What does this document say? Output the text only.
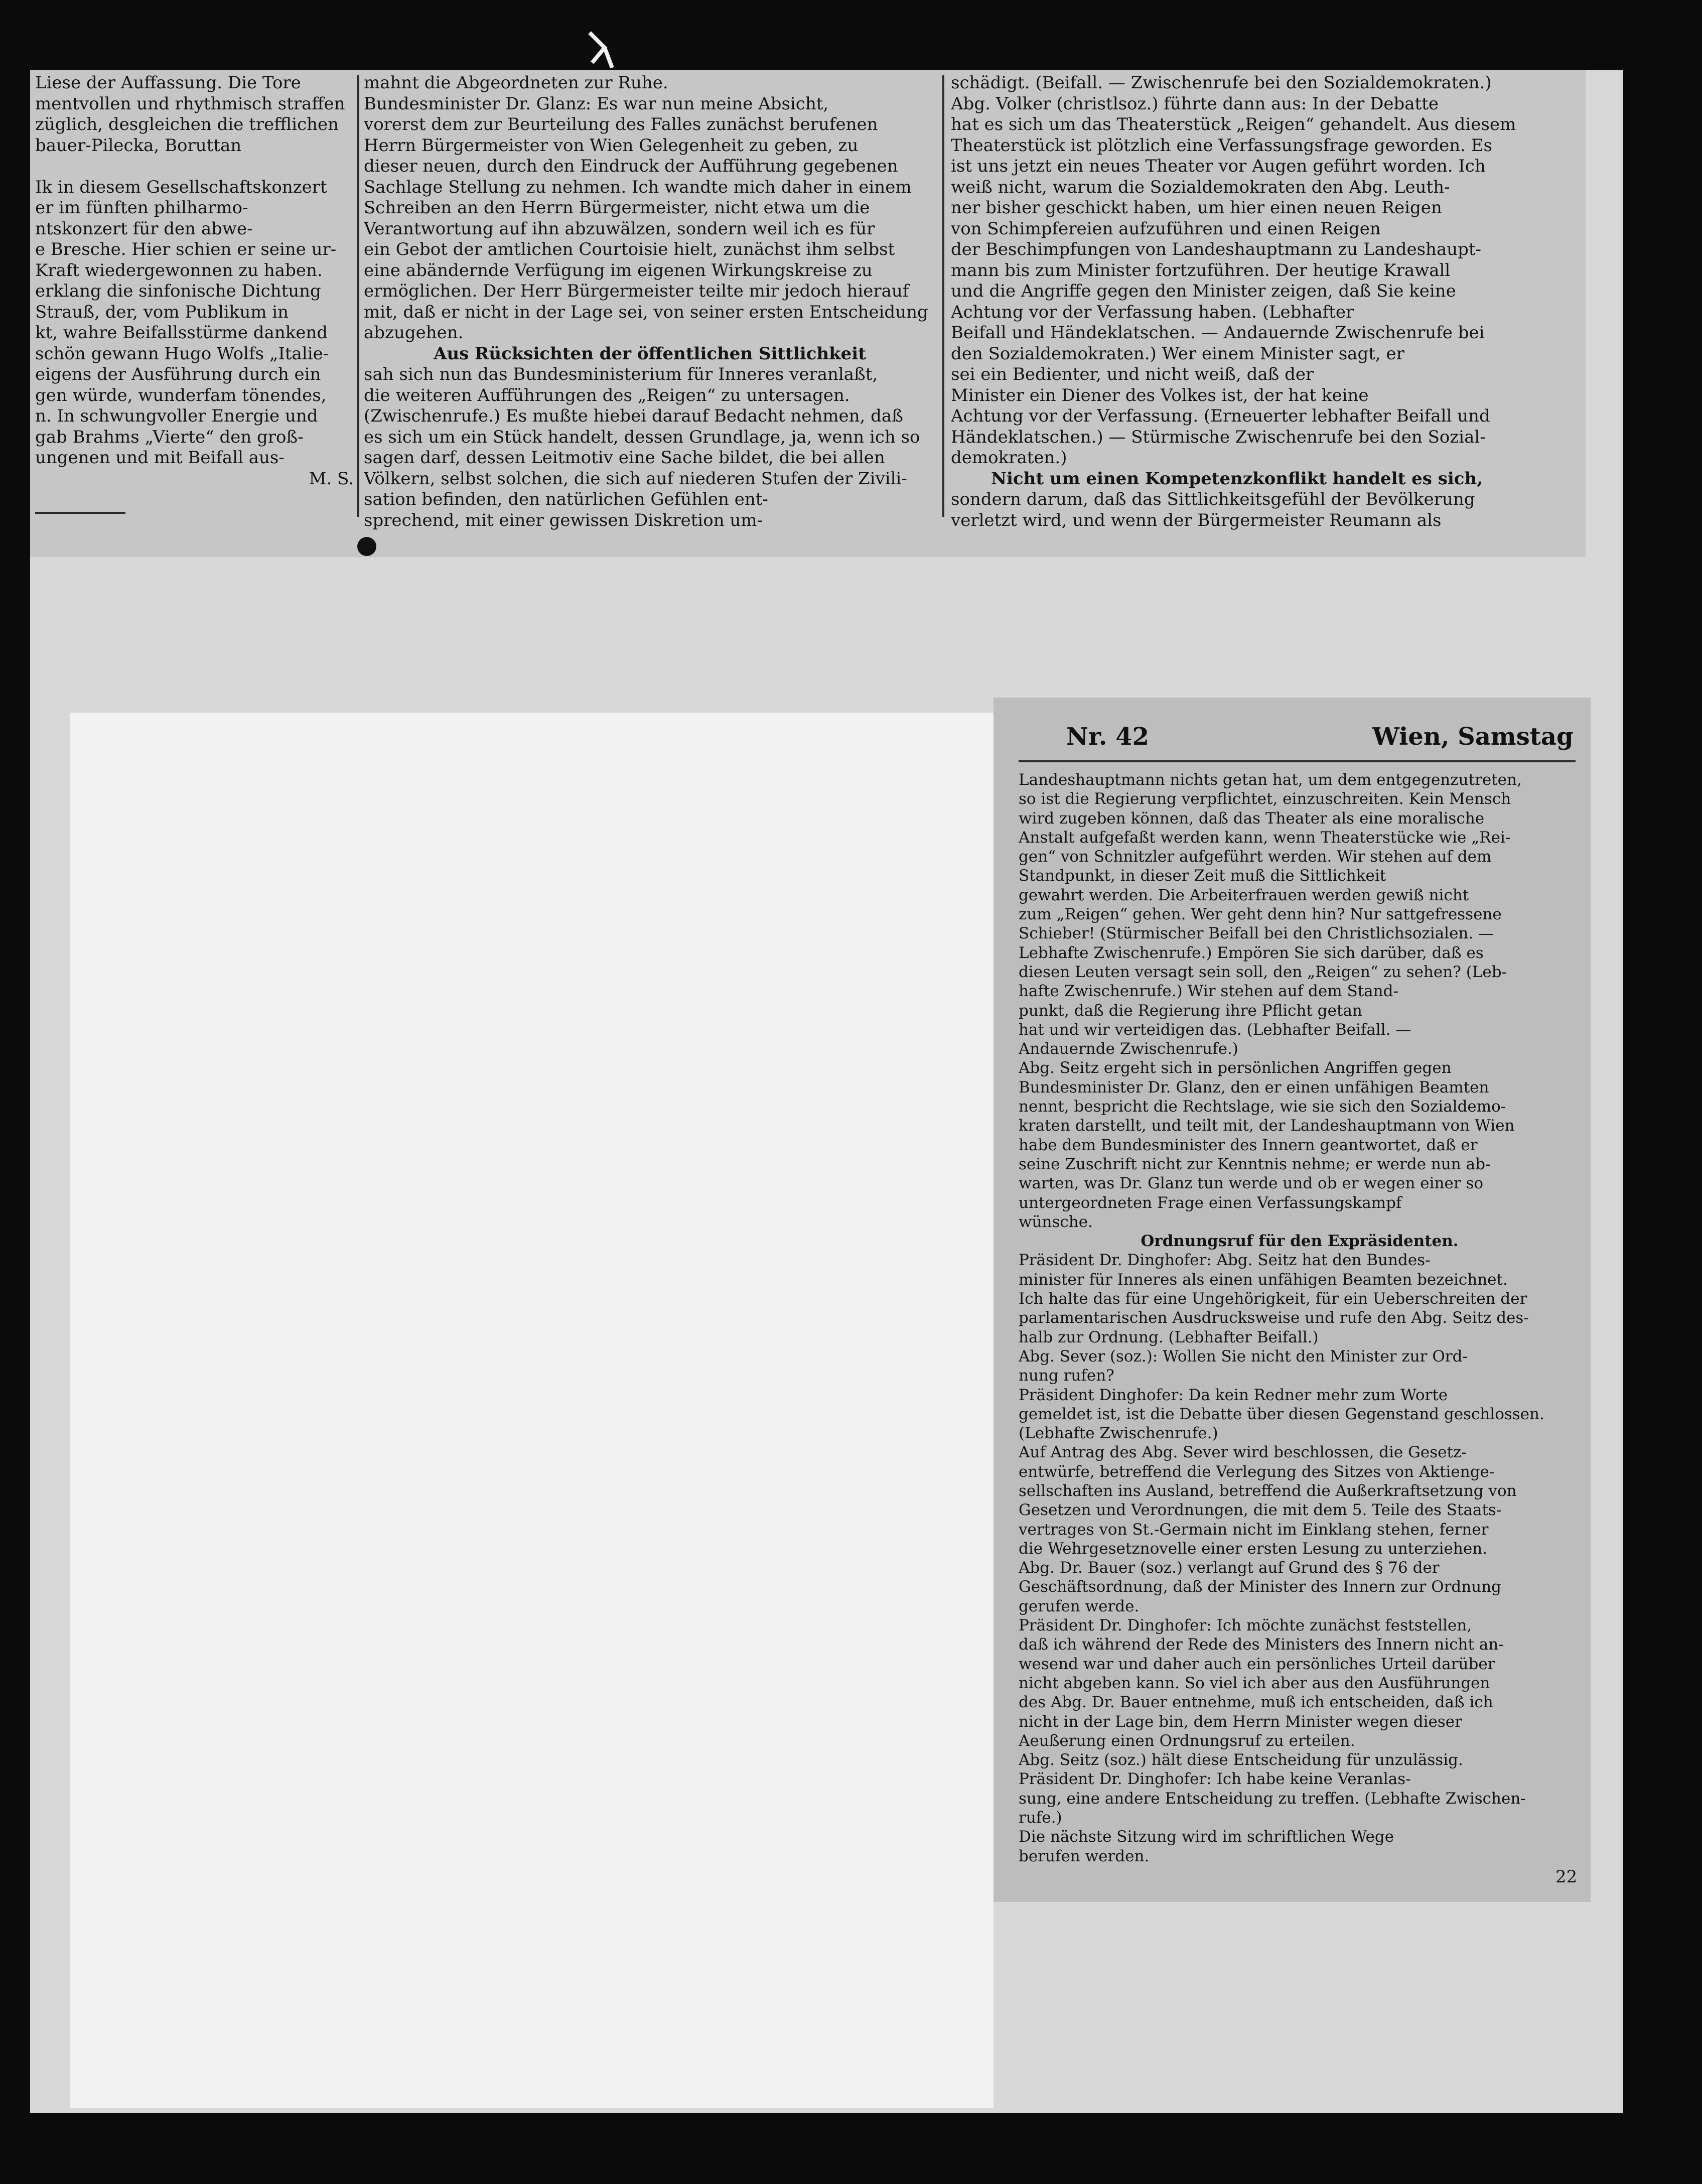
Liese der Auffassung. Die Tore

mentvollen und rhythmisch straffen

züglich, desgleichen die trefflichen

bauer-Pilecka, Boruttan

Ik in diesem Gesellschaftskonzert

er im fünften philharmo-

ntskonzert für den abwe-

e Bresche. Hier schien er seine ur-

Kraft wiedergewonnen zu haben.

erklang die sinfonische Dichtung

Strauß, der, vom Publikum in

kt, wahre Beifallsstürme dankend

schön gewann Hugo Wolfs „Italie-

eigens der Ausführung durch ein

gen würde, wunderfam tönendes,

n. In schwungvoller Energie und

gab Brahms „Vierte“ den groß-

ungenen und mit Beifall aus-

M. S.

mahnt die Abgeordneten zur Ruhe.

Bundesminister Dr. Glanz: Es war nun meine Absicht,

vorerst dem zur Beurteilung des Falles zunächst berufenen

Herrn Bürgermeister von Wien Gelegenheit zu geben, zu

dieser neuen, durch den Eindruck der Aufführung gegebenen

Sachlage Stellung zu nehmen. Ich wandte mich daher in einem

Schreiben an den Herrn Bürgermeister, nicht etwa um die

Verantwortung auf ihn abzuwälzen, sondern weil ich es für

ein Gebot der amtlichen Courtoisie hielt, zunächst ihm selbst

eine abändernde Verfügung im eigenen Wirkungskreise zu

ermöglichen. Der Herr Bürgermeister teilte mir jedoch hierauf

mit, daß er nicht in der Lage sei, von seiner ersten Entscheidung

abzugehen.

Aus Rücksichten der öffentlichen Sittlichkeit

sah sich nun das Bundesministerium für Inneres veranlaßt,

die weiteren Aufführungen des „Reigen“ zu untersagen.

(Zwischenrufe.) Es mußte hiebei darauf Bedacht nehmen, daß

es sich um ein Stück handelt, dessen Grundlage, ja, wenn ich so

sagen darf, dessen Leitmotiv eine Sache bildet, die bei allen

Völkern, selbst solchen, die sich auf niederen Stufen der Zivili-

sation befinden, den natürlichen Gefühlen ent-

sprechend, mit einer gewissen Diskretion um-

schädigt. (Beifall. — Zwischenrufe bei den Sozialdemokraten.)

Abg. Volker (christlsoz.) führte dann aus: In der Debatte

hat es sich um das Theaterstück „Reigen“ gehandelt. Aus diesem

Theaterstück ist plötzlich eine Verfassungsfrage geworden. Es

ist uns jetzt ein neues Theater vor Augen geführt worden. Ich

weiß nicht, warum die Sozialdemokraten den Abg. Leuth-

ner bisher geschickt haben, um hier einen neuen Reigen

von Schimpfereien aufzuführen und einen Reigen

der Beschimpfungen von Landeshauptmann zu Landeshaupt-

mann bis zum Minister fortzuführen. Der heutige Krawall

und die Angriffe gegen den Minister zeigen, daß Sie keine

Achtung vor der Verfassung haben. (Lebhafter

Beifall und Händeklatschen. — Andauernde Zwischenrufe bei

den Sozialdemokraten.) Wer einem Minister sagt, er

sei ein Bedienter, und nicht weiß, daß der

Minister ein Diener des Volkes ist, der hat keine

Achtung vor der Verfassung. (Erneuerter lebhafter Beifall und

Händeklatschen.) — Stürmische Zwischenrufe bei den Sozial-

demokraten.)

Nicht um einen Kompetenzkonflikt handelt es sich,

sondern darum, daß das Sittlichkeitsgefühl der Bevölkerung

verletzt wird, und wenn der Bürgermeister Reumann als

Nr. 42	Wien, Samstag

Landeshauptmann nichts getan hat, um dem entgegenzutreten,

so ist die Regierung verpflichtet, einzuschreiten. Kein Mensch

wird zugeben können, daß das Theater als eine moralische

Anstalt aufgefaßt werden kann, wenn Theaterstücke wie „Rei-

gen“ von Schnitzler aufgeführt werden. Wir stehen auf dem

Standpunkt, in dieser Zeit muß die Sittlichkeit

gewahrt werden. Die Arbeiterfrauen werden gewiß nicht

zum „Reigen“ gehen. Wer geht denn hin? Nur sattgefressene

Schieber! (Stürmischer Beifall bei den Christlichsozialen. —

Lebhafte Zwischenrufe.) Empören Sie sich darüber, daß es

diesen Leuten versagt sein soll, den „Reigen“ zu sehen? (Leb-

hafte Zwischenrufe.) Wir stehen auf dem Stand-

punkt, daß die Regierung ihre Pflicht getan

hat und wir verteidigen das. (Lebhafter Beifall. —

Andauernde Zwischenrufe.)

Abg. Seitz ergeht sich in persönlichen Angriffen gegen

Bundesminister Dr. Glanz, den er einen unfähigen Beamten

nennt, bespricht die Rechtslage, wie sie sich den Sozialdemo-

kraten darstellt, und teilt mit, der Landeshauptmann von Wien

habe dem Bundesminister des Innern geantwortet, daß er

seine Zuschrift nicht zur Kenntnis nehme; er werde nun ab-

warten, was Dr. Glanz tun werde und ob er wegen einer so

untergeordneten Frage einen Verfassungskampf

wünsche.

Ordnungsruf für den Expräsidenten.

Präsident Dr. Dinghofer: Abg. Seitz hat den Bundes-

minister für Inneres als einen unfähigen Beamten bezeichnet.

Ich halte das für eine Ungehörigkeit, für ein Ueberschreiten der

parlamentarischen Ausdrucksweise und rufe den Abg. Seitz des-

halb zur Ordnung. (Lebhafter Beifall.)

Abg. Sever (soz.): Wollen Sie nicht den Minister zur Ord-

nung rufen?

Präsident Dinghofer: Da kein Redner mehr zum Worte

gemeldet ist, ist die Debatte über diesen Gegenstand geschlossen.

(Lebhafte Zwischenrufe.)

Auf Antrag des Abg. Sever wird beschlossen, die Gesetz-

entwürfe, betreffend die Verlegung des Sitzes von Aktienge-

sellschaften ins Ausland, betreffend die Außerkraftsetzung von

Gesetzen und Verordnungen, die mit dem 5. Teile des Staats-

vertrages von St.-Germain nicht im Einklang stehen, ferner

die Wehrgesetznovelle einer ersten Lesung zu unterziehen.

Abg. Dr. Bauer (soz.) verlangt auf Grund des § 76 der

Geschäftsordnung, daß der Minister des Innern zur Ordnung

gerufen werde.

Präsident Dr. Dinghofer: Ich möchte zunächst feststellen,

daß ich während der Rede des Ministers des Innern nicht an-

wesend war und daher auch ein persönliches Urteil darüber

nicht abgeben kann. So viel ich aber aus den Ausführungen

des Abg. Dr. Bauer entnehme, muß ich entscheiden, daß ich

nicht in der Lage bin, dem Herrn Minister wegen dieser

Aeußerung einen Ordnungsruf zu erteilen.

Abg. Seitz (soz.) hält diese Entscheidung für unzulässig.

Präsident Dr. Dinghofer: Ich habe keine Veranlas-

sung, eine andere Entscheidung zu treffen. (Lebhafte Zwischen-

rufe.)

Die nächste Sitzung wird im schriftlichen Wege

berufen werden.

22
